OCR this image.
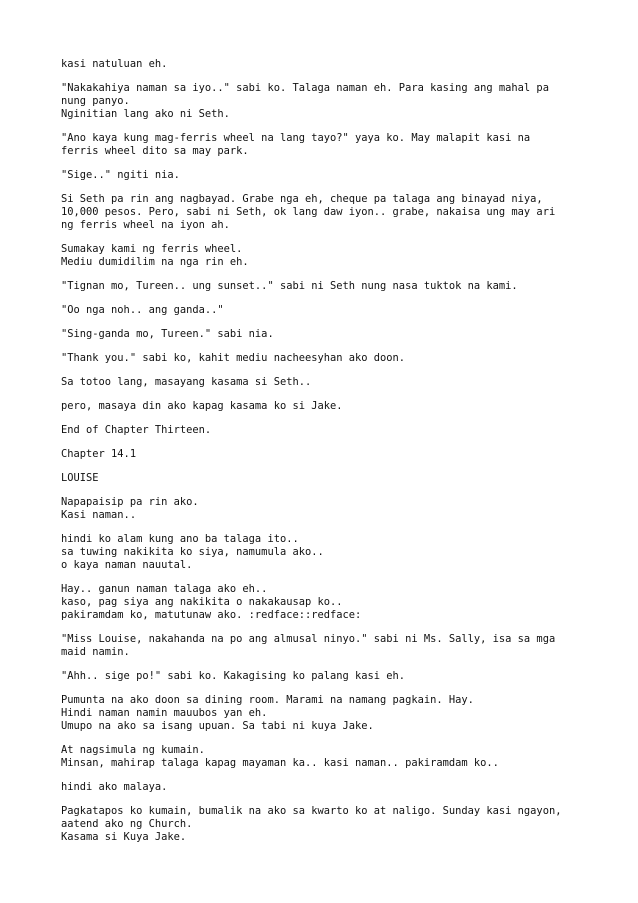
kasi natuluan eh.

"Nakakahiya naman sa iyo.." sabi ko. Talaga naman eh. Para kasing ang mahal pa
nung panyo.
Nginitian lang ako ni Seth.

"Ano kaya kung mag-ferris wheel na lang tayo?" yaya ko. May malapit kasi na
ferris wheel dito sa may park.

"Sige.." ngiti nia.

Si Seth pa rin ang nagbayad. Grabe nga eh, cheque pa talaga ang binayad niya,
10,000 pesos. Pero, sabi ni Seth, ok lang daw iyon.. grabe, nakaisa ung may ari
ng ferris wheel na iyon ah.

Sumakay kami ng ferris wheel.
Mediu dumidilim na nga rin eh.

"Tignan mo, Tureen.. ung sunset.." sabi ni Seth nung nasa tuktok na kami.

"Oo nga noh.. ang ganda.."

"Sing-ganda mo, Tureen." sabi nia.

"Thank you." sabi ko, kahit mediu nacheesyhan ako doon.

Sa totoo lang, masayang kasama si Seth..

pero, masaya din ako kapag kasama ko si Jake.

End of Chapter Thirteen.

Chapter 14.1

LOUISE

Napapaisip pa rin ako.
Kasi naman..

hindi ko alam kung ano ba talaga ito..
sa tuwing nakikita ko siya, namumula ako..
o kaya naman nauutal.

Hay.. ganun naman talaga ako eh..
kaso, pag siya ang nakikita o nakakausap ko..
pakiramdam ko, matutunaw ako. :redface::redface:

"Miss Louise, nakahanda na po ang almusal ninyo." sabi ni Ms. Sally, isa sa mga
maid namin.

"Ahh.. sige po!" sabi ko. Kakagising ko palang kasi eh.

Pumunta na ako doon sa dining room. Marami na namang pagkain. Hay.
Hindi naman namin mauubos yan eh.
Umupo na ako sa isang upuan. Sa tabi ni kuya Jake.

At nagsimula ng kumain.
Minsan, mahirap talaga kapag mayaman ka.. kasi naman.. pakiramdam ko..

hindi ako malaya.

Pagkatapos ko kumain, bumalik na ako sa kwarto ko at naligo. Sunday kasi ngayon,
aatend ako ng Church.
Kasama si Kuya Jake.
